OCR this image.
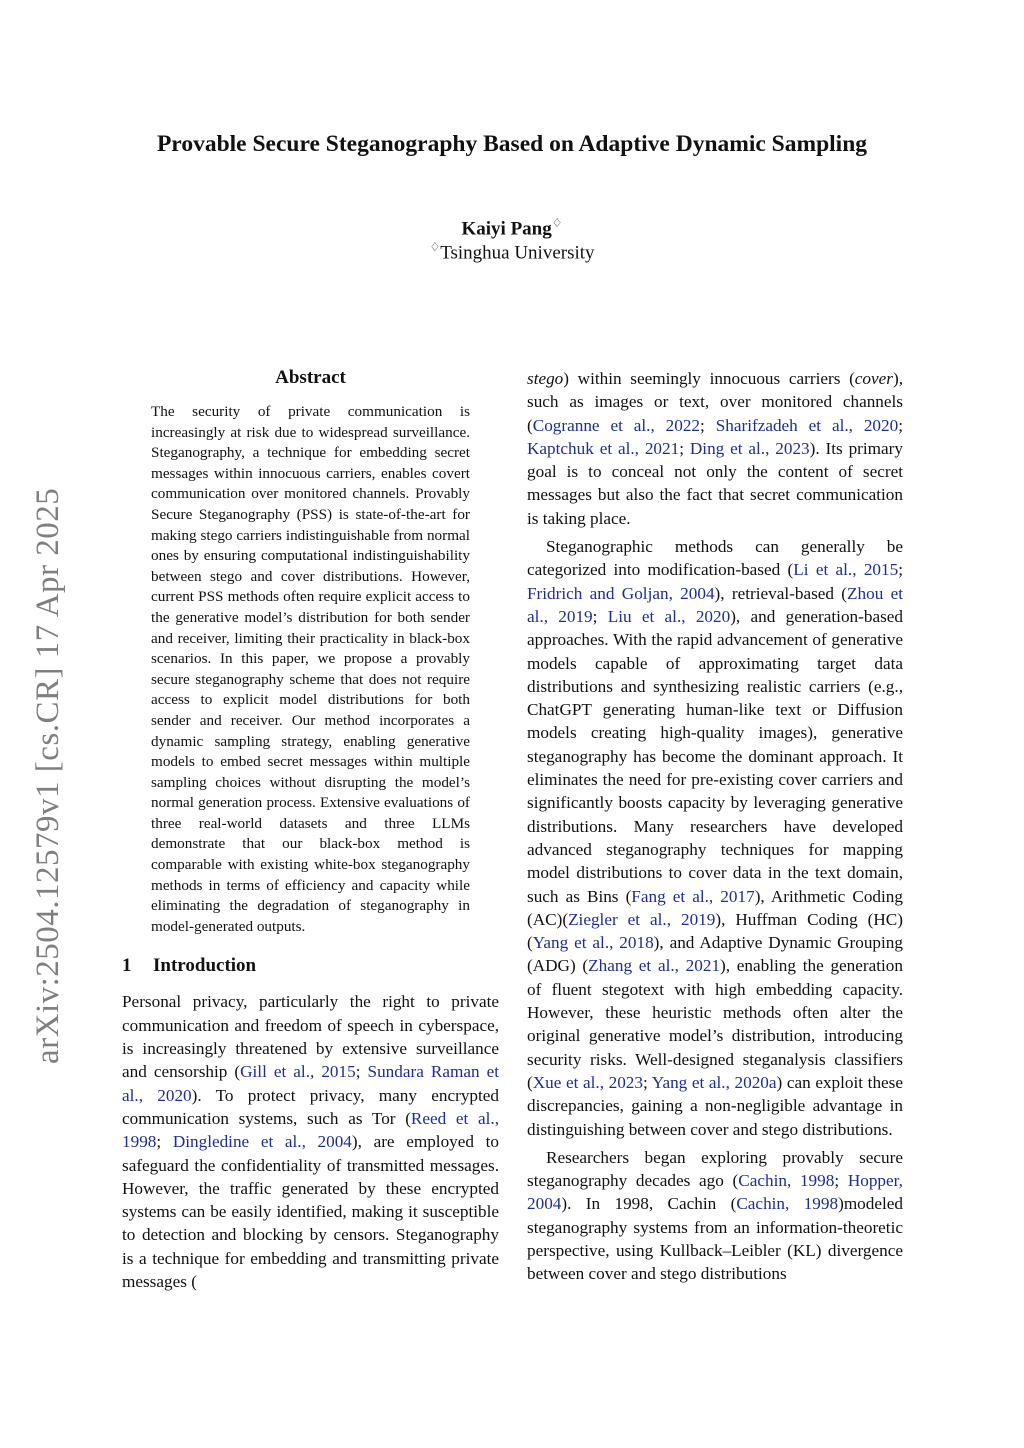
arXiv:2504.12579v1 [cs.CR] 17 Apr 2025
Provable Secure Steganography Based on Adaptive Dynamic Sampling
Kaiyi Pang♢
♢Tsinghua University
Abstract

The security of private communication is increasingly at risk due to widespread surveillance. Steganography, a technique for embedding secret messages within innocuous carriers, enables covert communication over monitored channels. Provably Secure Steganography (PSS) is state-of-the-art for making stego carriers indistinguishable from normal ones by ensuring computational indistinguishability between stego and cover distributions. However, current PSS methods often require explicit access to the generative model’s distribution for both sender and receiver, limiting their practicality in black-box scenarios. In this paper, we propose a provably secure steganography scheme that does not require access to explicit model distributions for both sender and receiver. Our method incorporates a dynamic sampling strategy, enabling generative models to embed secret messages within multiple sampling choices without disrupting the model’s normal generation process. Extensive evaluations of three real-world datasets and three LLMs demonstrate that our black-box method is comparable with existing white-box steganography methods in terms of efficiency and capacity while eliminating the degradation of steganography in model-generated outputs.

1 Introduction

Personal privacy, particularly the right to private communication and freedom of speech in cyberspace, is increasingly threatened by extensive surveillance and censorship (Gill et al., 2015; Sundara Raman et al., 2020). To protect privacy, many encrypted communication systems, such as Tor (Reed et al., 1998; Dingledine et al., 2004), are employed to safeguard the confidentiality of transmitted messages. However, the traffic generated by these encrypted systems can be easily identified, making it susceptible to detection and blocking by censors. Steganography is a technique for embedding and transmitting private messages (

stego) within seemingly innocuous carriers (cover), such as images or text, over monitored channels (Cogranne et al., 2022; Sharifzadeh et al., 2020; Kaptchuk et al., 2021; Ding et al., 2023). Its primary goal is to conceal not only the content of secret messages but also the fact that secret communication is taking place.

Steganographic methods can generally be categorized into modification-based (Li et al., 2015; Fridrich and Goljan, 2004), retrieval-based (Zhou et al., 2019; Liu et al., 2020), and generation-based approaches. With the rapid advancement of generative models capable of approximating target data distributions and synthesizing realistic carriers (e.g., ChatGPT generating human-like text or Diffusion models creating high-quality images), generative steganography has become the dominant approach. It eliminates the need for pre-existing cover carriers and significantly boosts capacity by leveraging generative distributions. Many researchers have developed advanced steganography techniques for mapping model distributions to cover data in the text domain, such as Bins (Fang et al., 2017), Arithmetic Coding (AC)(Ziegler et al., 2019), Huffman Coding (HC) (Yang et al., 2018), and Adaptive Dynamic Grouping (ADG) (Zhang et al., 2021), enabling the generation of fluent stegotext with high embedding capacity. However, these heuristic methods often alter the original generative model’s distribution, introducing security risks. Well-designed steganalysis classifiers (Xue et al., 2023; Yang et al., 2020a) can exploit these discrepancies, gaining a non-negligible advantage in distinguishing between cover and stego distributions.

Researchers began exploring provably secure steganography decades ago (Cachin, 1998; Hopper, 2004). In 1998, Cachin (Cachin, 1998)modeled steganography systems from an information-theoretic perspective, using Kullback–Leibler (KL) divergence between cover and stego distributions
